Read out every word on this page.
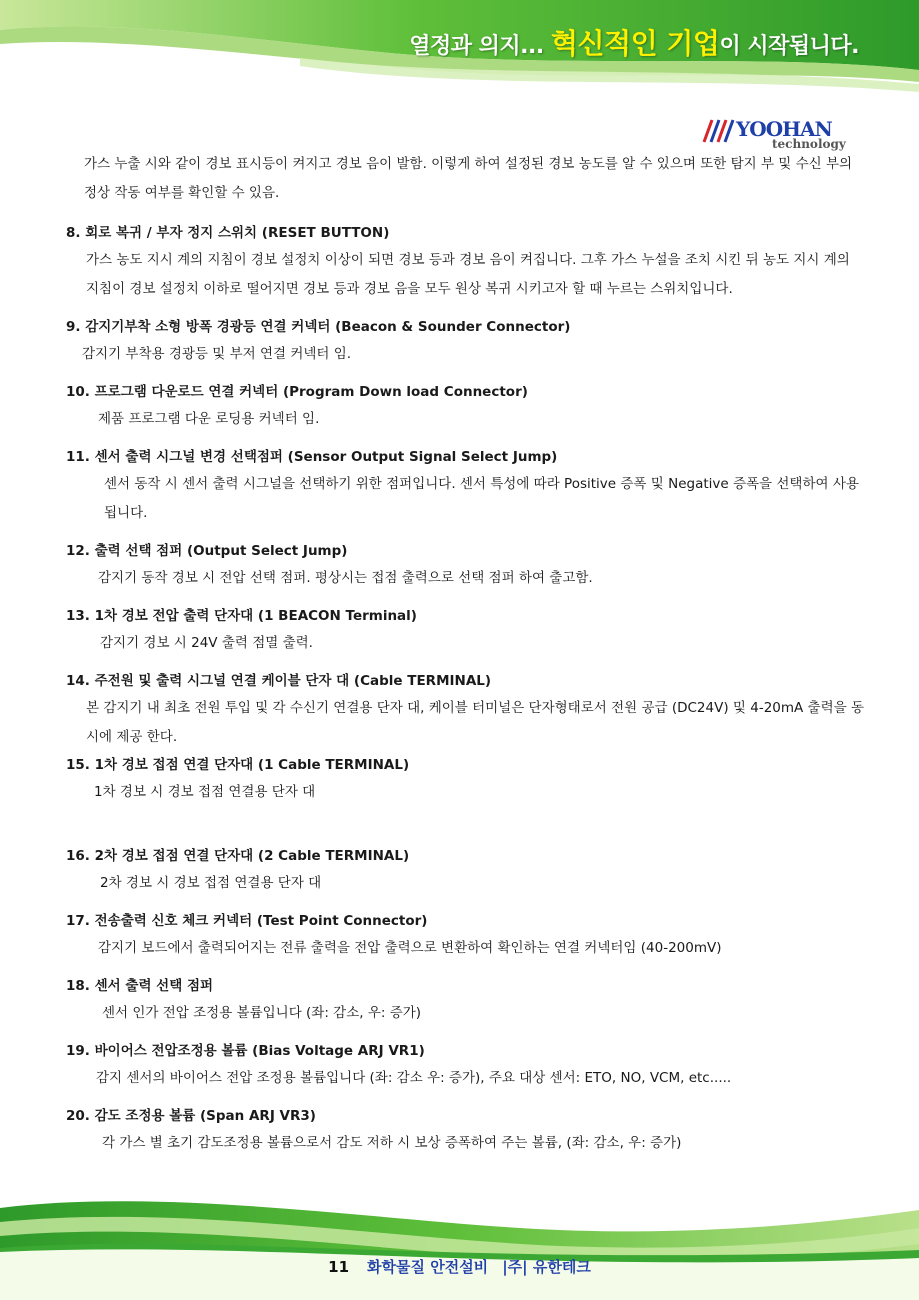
열정과 의지... 혁신적인 기업이 시작됩니다.
YOOHAN
technology

가스 누출 시와 같이 경보 표시등이 켜지고 경보 음이 발함. 이렇게 하여 설정된 경보 농도를 알 수 있으며 또한 탐지 부 및 수신 부의 정상 작동 여부를 확인할 수 있음.

8. 회로 복귀 / 부자 정지 스위치 (RESET BUTTON)

가스 농도 지시 계의 지침이 경보 설정치 이상이 되면 경보 등과 경보 음이 켜집니다. 그후 가스 누설을 조치 시킨 뒤 농도 지시 계의 지침이 경보 설정치 이하로 떨어지면 경보 등과 경보 음을 모두 원상 복귀 시키고자 할 때 누르는 스위치입니다.

9. 감지기부착 소형 방폭 경광등 연결 커넥터 (Beacon & Sounder Connector)

감지기 부착용 경광등 및 부저 연결 커넥터 임.

10. 프로그램 다운로드 연결 커넥터 (Program Down load Connector)

제품 프로그램 다운 로딩용 커넥터 임.

11. 센서 출력 시그널 변경 선택점퍼 (Sensor Output Signal Select Jump)

센서 동작 시 센서 출력 시그널을 선택하기 위한 점퍼입니다. 센서 특성에 따라 Positive 증폭 및 Negative 증폭을 선택하여 사용됩니다.

12. 출력 선택 점퍼 (Output Select Jump)

감지기 동작 경보 시 전압 선택 점퍼. 평상시는 접점 출력으로 선택 점퍼 하여 출고함.

13. 1차 경보 전압 출력 단자대 (1 BEACON Terminal)

감지기 경보 시 24V 출력 점멸 출력.

14. 주전원 및 출력 시그널 연결 케이블 단자 대 (Cable TERMINAL)

본 감지기 내 최초 전원 투입 및 각 수신기 연결용 단자 대, 케이블 터미널은 단자형태로서 전원 공급 (DC24V) 및 4-20mA 출력을 동시에 제공 한다.

15. 1차 경보 접점 연결 단자대 (1 Cable TERMINAL)

1차 경보 시 경보 접점 연결용 단자 대

16. 2차 경보 접점 연결 단자대 (2 Cable TERMINAL)

2차 경보 시 경보 접점 연결용 단자 대

17. 전송출력 신호 체크 커넥터 (Test Point Connector)

감지기 보드에서 출력되어지는 전류 출력을 전압 출력으로 변환하여 확인하는 연결 커넥터임 (40-200mV)

18. 센서 출력 선택 점퍼

센서 인가 전압 조정용 볼륨입니다 (좌: 감소, 우: 증가)

19. 바이어스 전압조정용 볼륨 (Bias Voltage ARJ VR1)

감지 센서의 바이어스 전압 조정용 볼륨입니다 (좌: 감소 우: 증가), 주요 대상 센서: ETO, NO, VCM, etc.....

20. 감도 조정용 볼륨 (Span ARJ VR3)

각 가스 별 초기 감도조정용 볼륨으로서 감도 저하 시 보상 증폭하여 주는 볼륨, (좌: 감소, 우: 증가)

11 화학물질 안전설비 |주| 유한테크
